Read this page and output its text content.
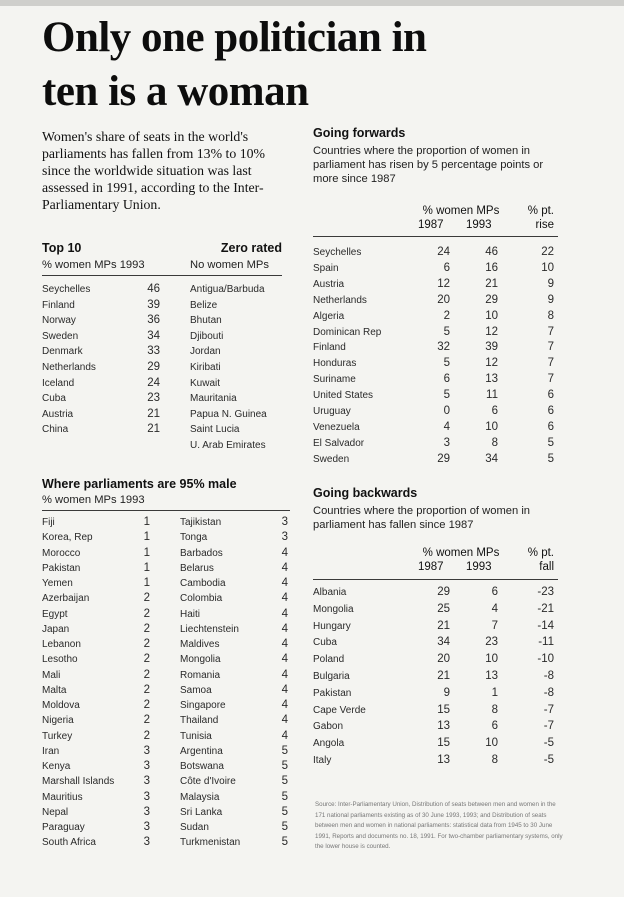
Only one politician in
ten is a woman
Women's share of seats in the world's parliaments has fallen from 13% to 10% since the worldwide situation was last assessed in 1991, according to the Inter-Parliamentary Union.
Top 10
% women MPs 1993
Zero rated
No women MPs
Seychelles	46
Finland	39
Norway	36
Sweden	34
Denmark	33
Netherlands	29
Iceland	24
Cuba	23
Austria	21
China	21
Antigua/Barbuda
Belize
Bhutan
Djibouti
Jordan
Kiribati
Kuwait
Mauritania
Papua N. Guinea
Saint Lucia
U. Arab Emirates
Where parliaments are 95% male
% women MPs 1993
Fiji	1
Korea, Rep	1
Morocco	1
Pakistan	1
Yemen	1
Azerbaijan	2
Egypt	2
Japan	2
Lebanon	2
Lesotho	2
Mali	2
Malta	2
Moldova	2
Nigeria	2
Turkey	2
Iran	3
Kenya	3
Marshall Islands	3
Mauritius	3
Nepal	3
Paraguay	3
South Africa	3
Tajikistan	3
Tonga	3
Barbados	4
Belarus	4
Cambodia	4
Colombia	4
Haiti	4
Liechtenstein	4
Maldives	4
Mongolia	4
Romania	4
Samoa	4
Singapore	4
Thailand	4
Tunisia	4
Argentina	5
Botswana	5
Côte d'Ivoire	5
Malaysia	5
Sri Lanka	5
Sudan	5
Turkmenistan	5
Going forwards
Countries where the proportion of women in parliament has risen by 5 percentage points or more since 1987
% women MPs
1987 1993
% pt.
rise
Seychelles	24	46	22
Spain	6	16	10
Austria	12	21	9
Netherlands	20	29	9
Algeria	2	10	8
Dominican Rep	5	12	7
Finland	32	39	7
Honduras	5	12	7
Suriname	6	13	7
United States	5	11	6
Uruguay	0	6	6
Venezuela	4	10	6
El Salvador	3	8	5
Sweden	29	34	5
Going backwards
Countries where the proportion of women in parliament has fallen since 1987
% women MPs
1987 1993
% pt.
fall
Albania	29	6	-23
Mongolia	25	4	-21
Hungary	21	7	-14
Cuba	34	23	-11
Poland	20	10	-10
Bulgaria	21	13	-8
Pakistan	9	1	-8
Cape Verde	15	8	-7
Gabon	13	6	-7
Angola	15	10	-5
Italy	13	8	-5
Source: Inter-Parliamentary Union, Distribution of seats between men and women in the 171 national parliaments existing as of 30 June 1993, 1993; and Distribution of seats between men and women in national parliaments: statistical data from 1945 to 30 June 1991, Reports and documents no. 18, 1991. For two-chamber parliamentary systems, only the lower house is counted.
